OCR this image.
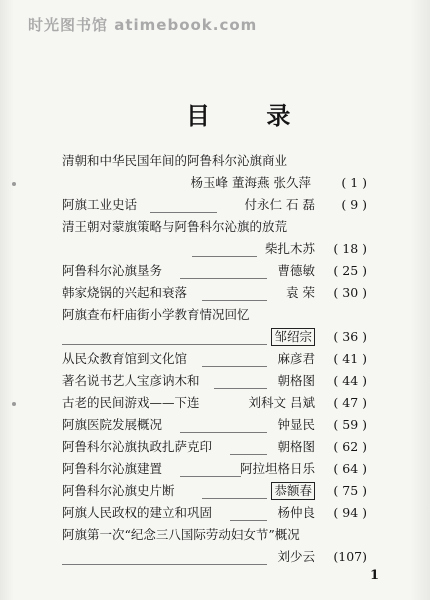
时光图书馆 atimebook.com
目 录
清朝和中华民国年间的阿鲁科尔沁旗商业
杨玉峰 董海燕 张久萍	( 1 )
阿旗工业史话	付永仁 石 磊	( 9 )
清王朝对蒙旗策略与阿鲁科尔沁旗的放荒
柴扎木苏	( 18 )
阿鲁科尔沁旗垦务	曹德敏	( 25 )
韩家烧锅的兴起和衰落	袁 荣	( 30 )
阿旗查布杆庙街小学教育情况回忆
邹绍宗	( 36 )
从民众教育馆到文化馆	麻彦君	( 41 )
著名说书艺人宝彦讷木和	朝格图	( 44 )
古老的民间游戏——下连	刘科文 吕斌	( 47 )
阿旗医院发展概况	钟显民	( 59 )
阿鲁科尔沁旗执政扎萨克印	朝格图	( 62 )
阿鲁科尔沁旗建置	阿拉坦格日乐	( 64 )
阿鲁科尔沁旗史片断	恭额春	( 75 )
阿旗人民政权的建立和巩固	杨仲良	( 94 )
阿旗第一次“纪念三八国际劳动妇女节”概况
刘少云	(107)
1
